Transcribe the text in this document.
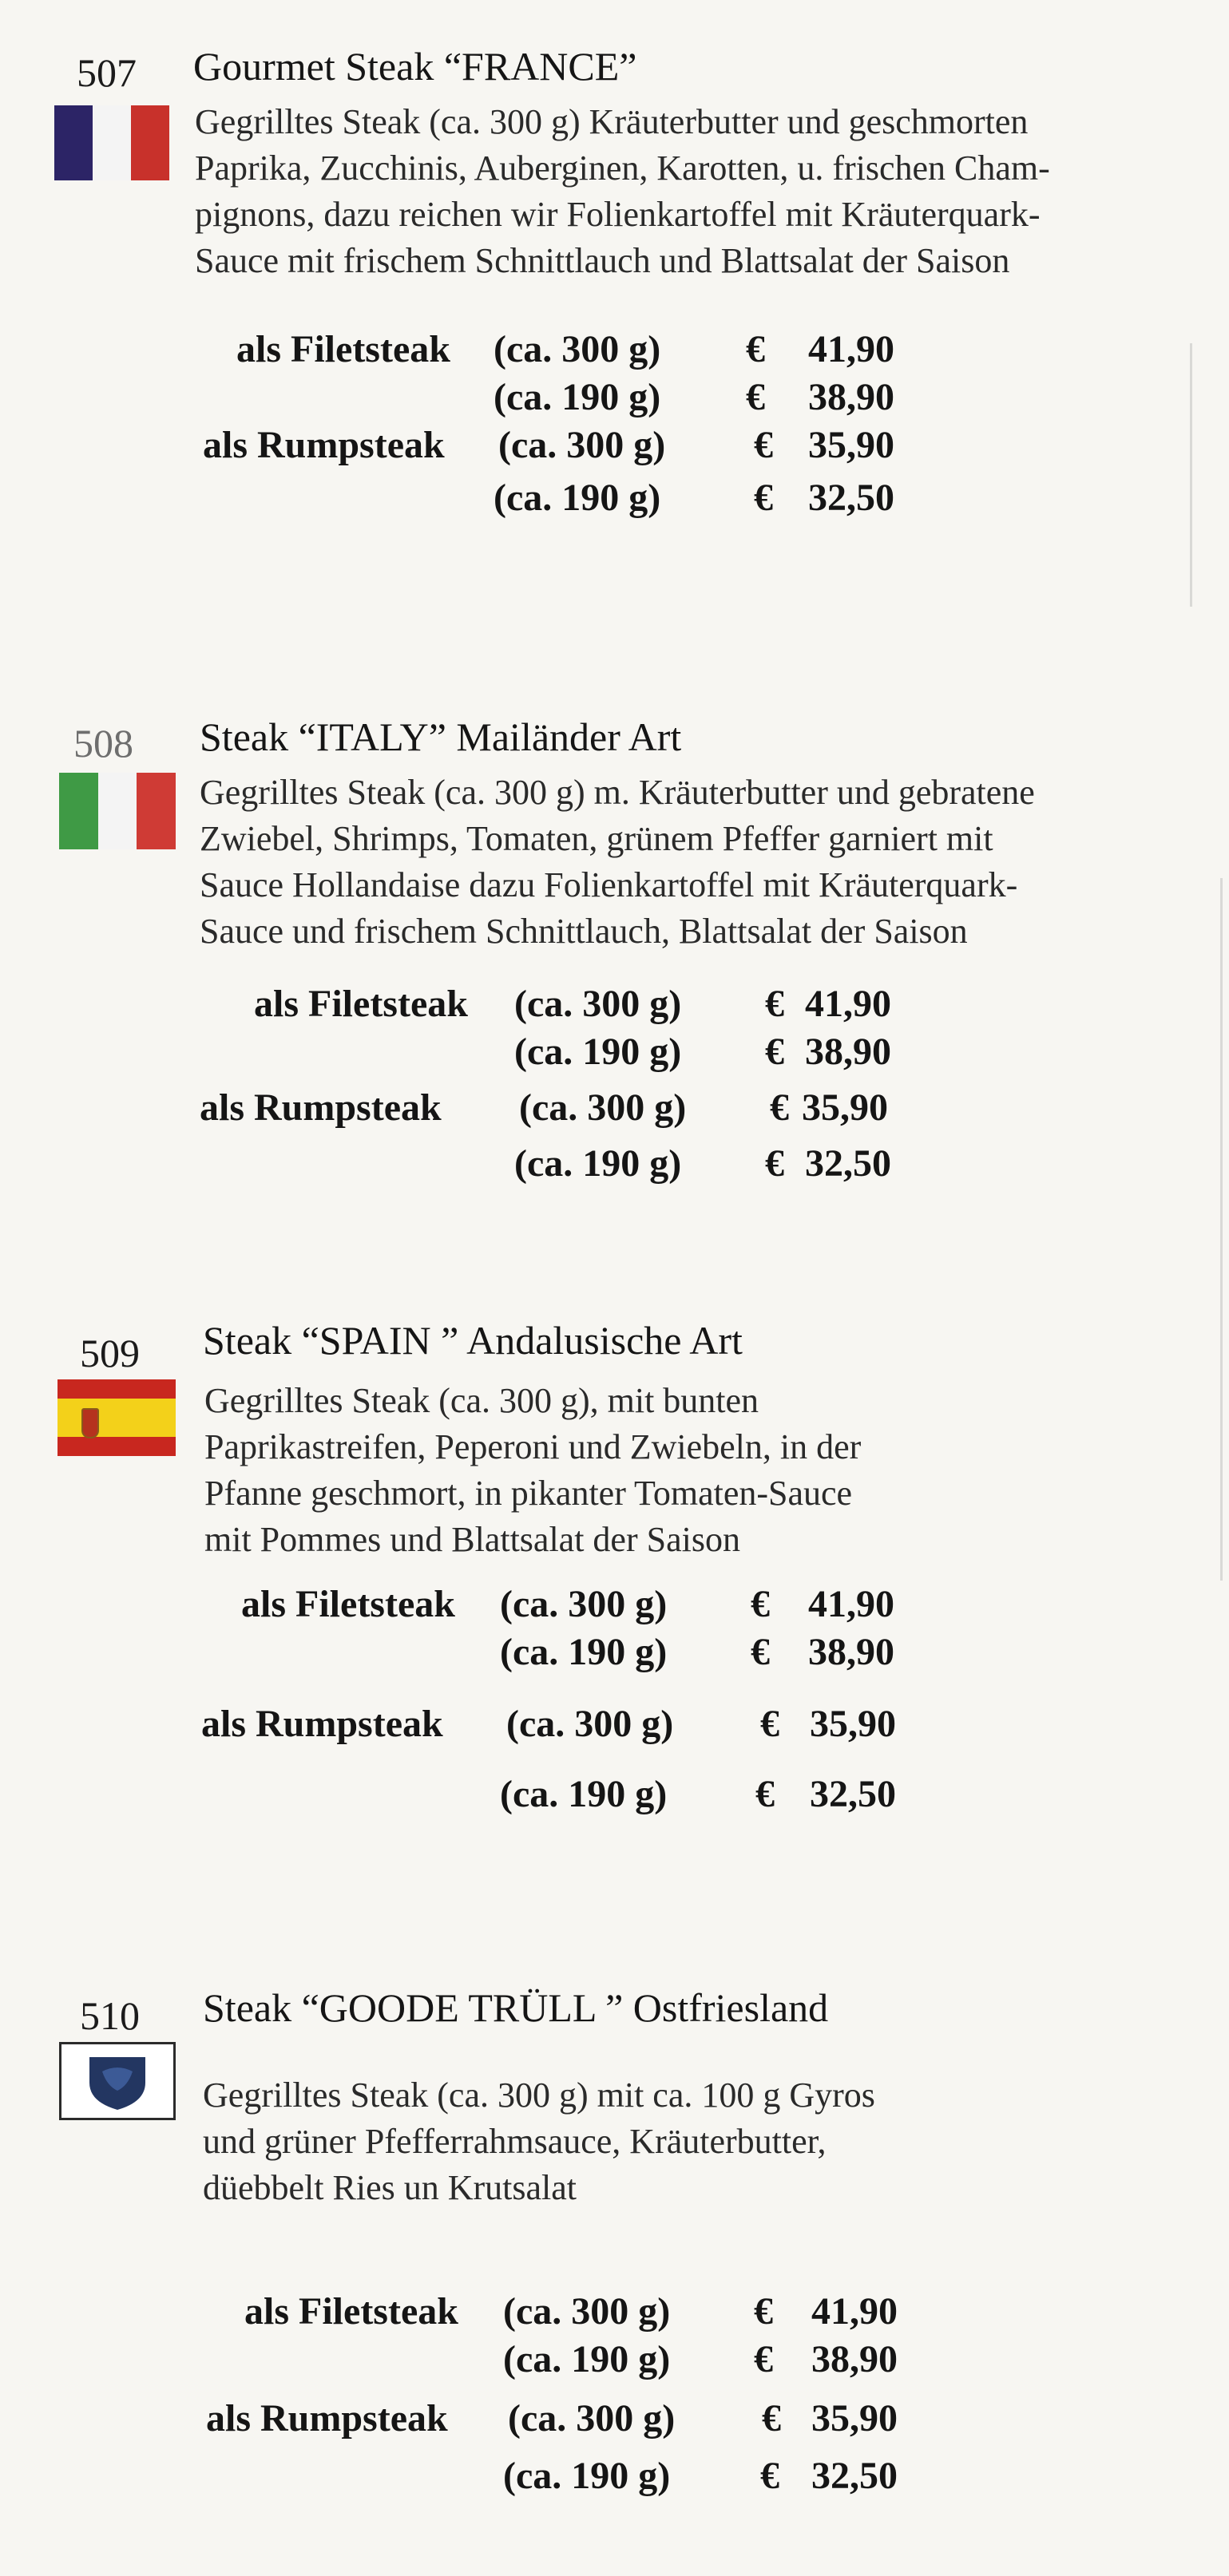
507 Gourmet Steak “FRANCE”
Gegrilltes Steak (ca. 300 g) Kräuterbutter und geschmorten
Paprika, Zucchinis, Auberginen, Karotten, u. frischen Cham-
pignons, dazu reichen wir Folienkartoffel mit Kräuterquark-
Sauce mit frischem Schnittlauch und Blattsalat der Saison
als Filetsteak (ca. 300 g) € 41,90
(ca. 190 g) € 38,90
als Rumpsteak (ca. 300 g) € 35,90
(ca. 190 g) € 32,50
508 Steak “ITALY” Mailänder Art
Gegrilltes Steak (ca. 300 g) m. Kräuterbutter und gebratene
Zwiebel, Shrimps, Tomaten, grünem Pfeffer garniert mit
Sauce Hollandaise dazu Folienkartoffel mit Kräuterquark-
Sauce und frischem Schnittlauch, Blattsalat der Saison
als Filetsteak (ca. 300 g) € 41,90
(ca. 190 g) € 38,90
als Rumpsteak (ca. 300 g) € 35,90
(ca. 190 g) € 32,50
509 Steak “SPAIN ” Andalusische Art
Gegrilltes Steak (ca. 300 g), mit bunten
Paprikastreifen, Peperoni und Zwiebeln, in der
Pfanne geschmort, in pikanter Tomaten-Sauce
mit Pommes und Blattsalat der Saison
als Filetsteak (ca. 300 g) € 41,90
(ca. 190 g) € 38,90
als Rumpsteak (ca. 300 g) € 35,90
(ca. 190 g) € 32,50
510 Steak “GOODE TRÜLL ” Ostfriesland
Gegrilltes Steak (ca. 300 g) mit ca. 100 g Gyros
und grüner Pfefferrahmsauce, Kräuterbutter,
düebbelt Ries un Krutsalat
als Filetsteak (ca. 300 g) € 41,90
(ca. 190 g) € 38,90
als Rumpsteak (ca. 300 g) € 35,90
(ca. 190 g) € 32,50
